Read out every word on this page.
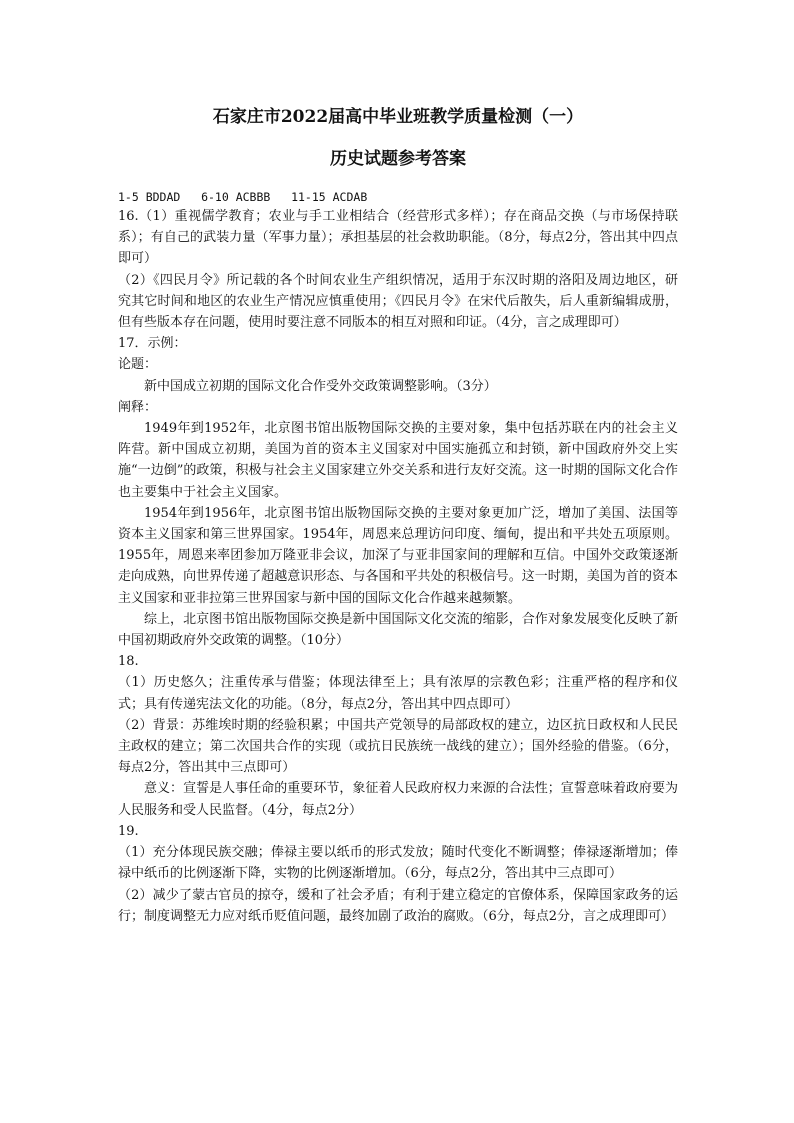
石家庄市2022届高中毕业班教学质量检测（一）
历史试题参考答案
1-5 BDDAD   6-10 ACBBB   11-15 ACDAB

16.（1）重视儒学教育；农业与手工业相结合（经营形式多样）；存在商品交换（与市场保持联系）；有自己的武装力量（军事力量）；承担基层的社会救助职能。（8分，每点2分，答出其中四点即可）

（2）《四民月令》所记载的各个时间农业生产组织情况，适用于东汉时期的洛阳及周边地区，研究其它时间和地区的农业生产情况应慎重使用；《四民月令》在宋代后散失，后人重新编辑成册，但有些版本存在问题，使用时要注意不同版本的相互对照和印证。（4分，言之成理即可）

17．示例：

论题：

新中国成立初期的国际文化合作受外交政策调整影响。（3分）

阐释：

1949年到1952年，北京图书馆出版物国际交换的主要对象，集中包括苏联在内的社会主义阵营。新中国成立初期，美国为首的资本主义国家对中国实施孤立和封锁，新中国政府外交上实施“一边倒”的政策，积极与社会主义国家建立外交关系和进行友好交流。这一时期的国际文化合作也主要集中于社会主义国家。

1954年到1956年，北京图书馆出版物国际交换的主要对象更加广泛，增加了美国、法国等资本主义国家和第三世界国家。1954年，周恩来总理访问印度、缅甸，提出和平共处五项原则。1955年，周恩来率团参加万隆亚非会议，加深了与亚非国家间的理解和互信。中国外交政策逐渐走向成熟，向世界传递了超越意识形态、与各国和平共处的积极信号。这一时期，美国为首的资本主义国家和亚非拉第三世界国家与新中国的国际文化合作越来越频繁。

综上，北京图书馆出版物国际交换是新中国国际文化交流的缩影，合作对象发展变化反映了新中国初期政府外交政策的调整。（10分）

18.

（1）历史悠久；注重传承与借鉴；体现法律至上；具有浓厚的宗教色彩；注重严格的程序和仪式；具有传递宪法文化的功能。（8分，每点2分，答出其中四点即可）

（2）背景：苏维埃时期的经验积累；中国共产党领导的局部政权的建立，边区抗日政权和人民民主政权的建立；第二次国共合作的实现（或抗日民族统一战线的建立）；国外经验的借鉴。（6分，每点2分，答出其中三点即可）

意义：宣誓是人事任命的重要环节，象征着人民政府权力来源的合法性；宣誓意味着政府要为人民服务和受人民监督。（4分，每点2分）

19.

（1）充分体现民族交融；俸禄主要以纸币的形式发放；随时代变化不断调整；俸禄逐渐增加；俸禄中纸币的比例逐渐下降，实物的比例逐渐增加。（6分，每点2分，答出其中三点即可）

（2）减少了蒙古官员的掠夺，缓和了社会矛盾；有利于建立稳定的官僚体系，保障国家政务的运行；制度调整无力应对纸币贬值问题，最终加剧了政治的腐败。（6分，每点2分，言之成理即可）
